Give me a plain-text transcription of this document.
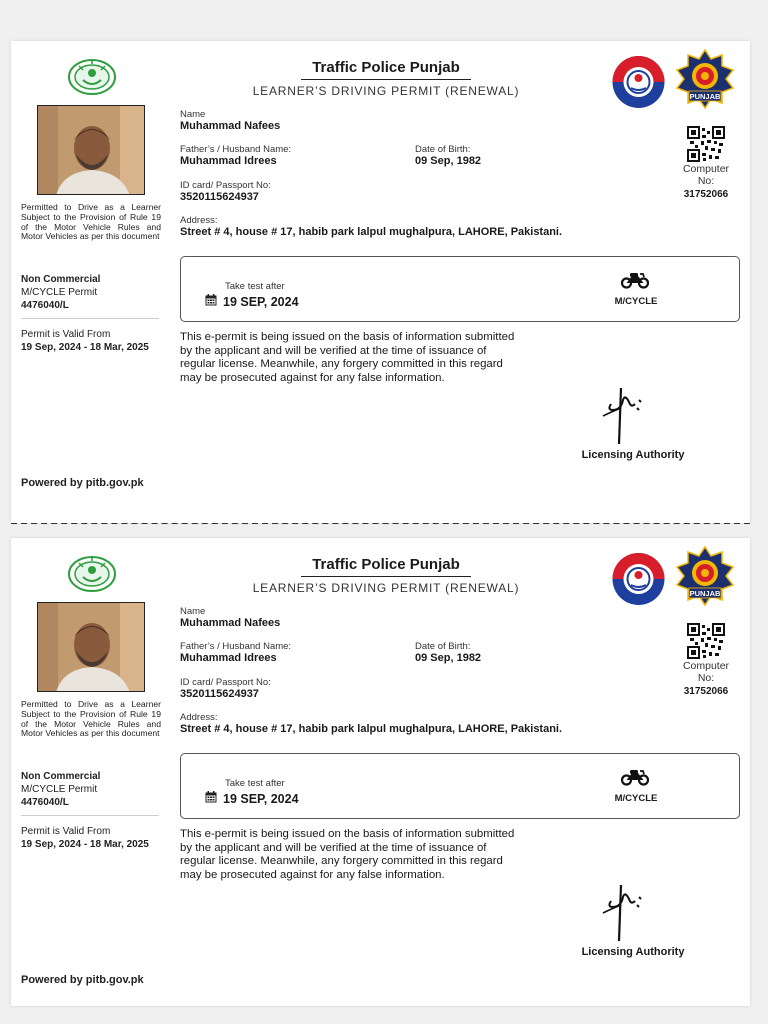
Permitted to Drive as a Learner Subject to the Provision of Rule 19 of the Motor Vehicle Rules and Motor Vehicles as per this document
Non Commercial
M/CYCLE Permit
4476040/L
Permit is Valid From
19 Sep, 2024 - 18 Mar, 2025
Powered by pitb.gov.pk
Traffic Police Punjab
LEARNER’S DRIVING PERMIT (RENEWAL)	PUNJAB
Name
Muhammad Nafees
Father’s / Husband Name:
Muhammad Idrees
Date of Birth:
09 Sep, 1982
ID card/ Passport No:
3520115624937
Address:
Street # 4, house # 17, habib park lalpul mughalpura, LAHORE, Pakistani.
Computer
No:
31752066
Take test after
19 SEP, 2024	M/CYCLE
This e-permit is being issued on the basis of information submitted by the applicant and will be verified at the time of issuance of regular license. Meanwhile, any forgery committed in this regard may be prosecuted against for any false information.
Licensing Authority
Permitted to Drive as a Learner Subject to the Provision of Rule 19 of the Motor Vehicle Rules and Motor Vehicles as per this document
Non Commercial
M/CYCLE Permit
4476040/L
Permit is Valid From
19 Sep, 2024 - 18 Mar, 2025
Powered by pitb.gov.pk
Traffic Police Punjab
LEARNER’S DRIVING PERMIT (RENEWAL)	PUNJAB
Name
Muhammad Nafees
Father’s / Husband Name:
Muhammad Idrees
Date of Birth:
09 Sep, 1982
ID card/ Passport No:
3520115624937
Address:
Street # 4, house # 17, habib park lalpul mughalpura, LAHORE, Pakistani.
Computer
No:
31752066
Take test after
19 SEP, 2024	M/CYCLE
This e-permit is being issued on the basis of information submitted by the applicant and will be verified at the time of issuance of regular license. Meanwhile, any forgery committed in this regard may be prosecuted against for any false information.
Licensing Authority
